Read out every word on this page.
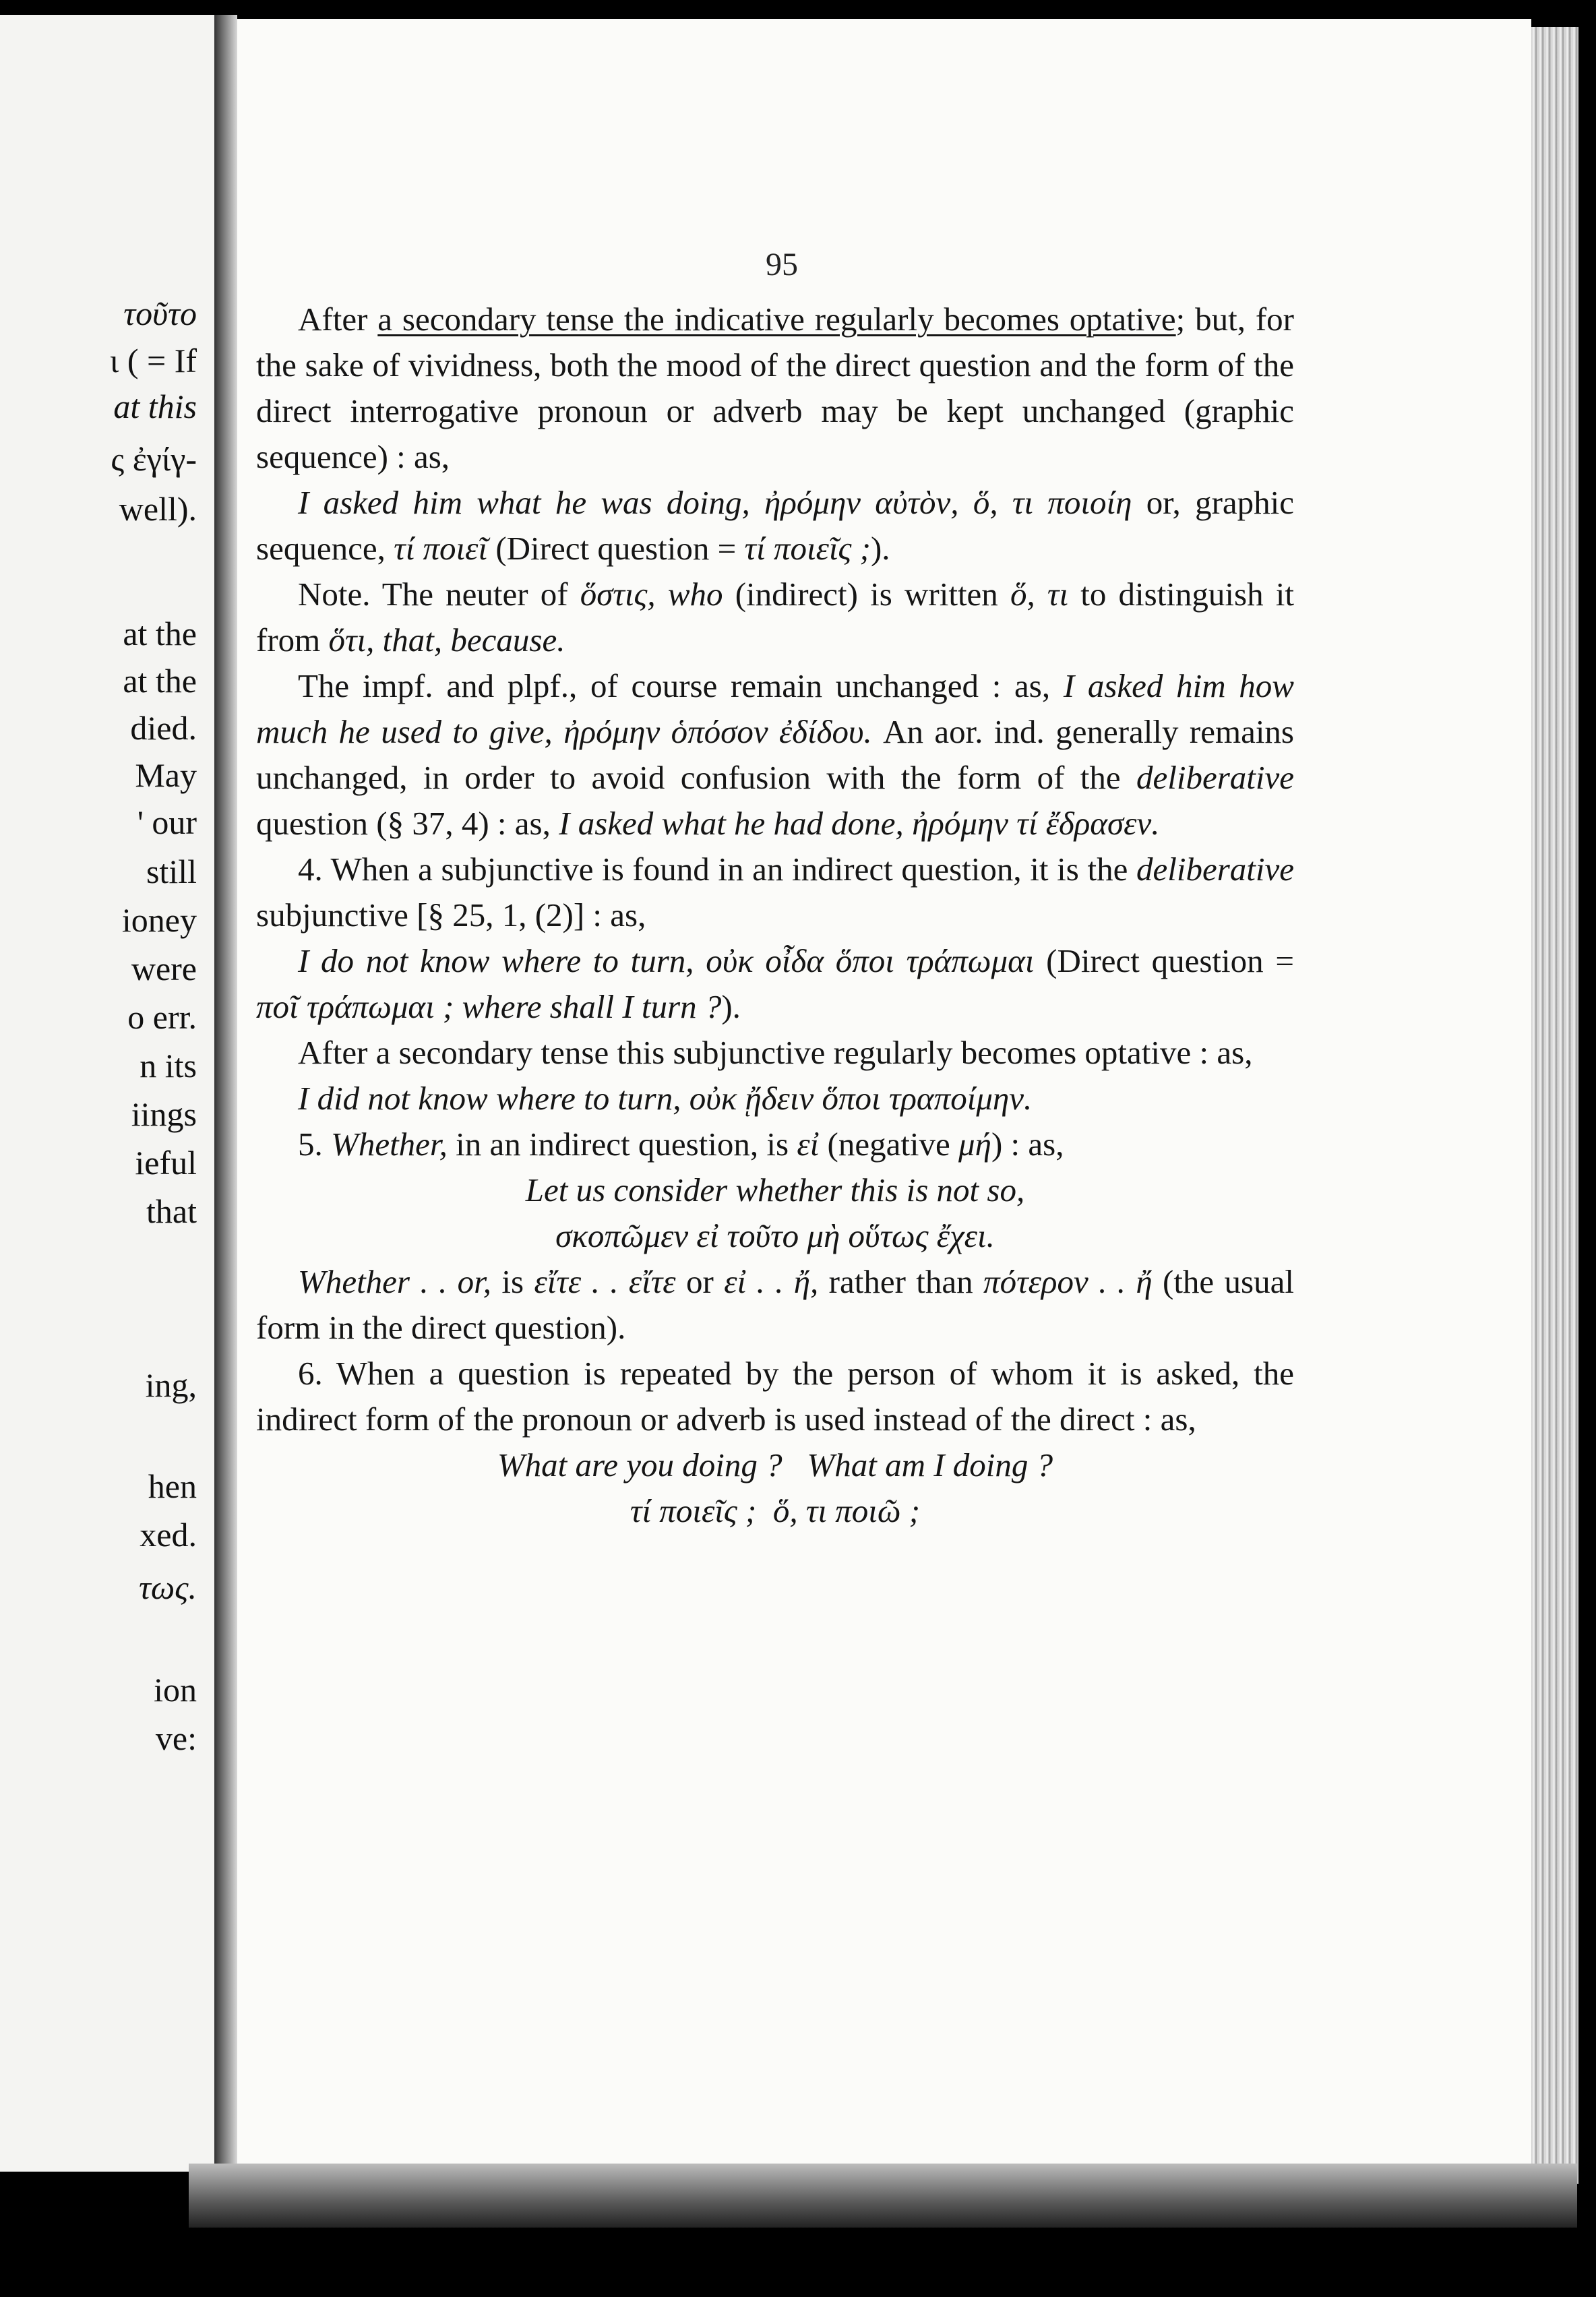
τοῦτο
ι ( = If
at this
ς ἐγίγ-
well).
at the
at the
died.
May
' our
still
ioney
were
o err.
n its
iings
ieful
that
ing,
hen
xed.
τως.
ion
ve:
95

After a secondary tense the indicative regularly becomes optative; but, for the sake of vividness, both the mood of the direct question and the form of the direct interrogative pronoun or adverb may be kept unchanged (graphic sequence) : as,

I asked him what he was doing, ἠρόμην αὐτὸν, ὅ, τι ποιοίη or, graphic sequence, τί ποιεῖ (Direct question = τί ποιεῖς ;).

Note. The neuter of ὅστις, who (indirect) is written ὅ, τι to distinguish it from ὅτι, that, because.

The impf. and plpf., of course remain unchanged : as, I asked him how much he used to give, ἠρόμην ὁπόσον ἐδίδου. An aor. ind. generally remains unchanged, in order to avoid confusion with the form of the deliberative question (§ 37, 4) : as, I asked what he had done, ἠρόμην τί ἔδρασεν.

4. When a subjunctive is found in an indirect question, it is the deliberative subjunctive [§ 25, 1, (2)] : as,

I do not know where to turn, οὐκ οἶδα ὅποι τράπωμαι (Direct question = ποῖ τράπωμαι ; where shall I turn ?).

After a secondary tense this subjunctive regularly becomes optative : as,

I did not know where to turn, οὐκ ᾔδειν ὅποι τραποίμην.

5. Whether, in an indirect question, is εἰ (negative μή) : as,

Let us consider whether this is not so,

σκοπῶμεν εἰ τοῦτο μὴ οὕτως ἔχει.

Whether . . or, is εἴτε . . εἴτε or εἰ . . ἤ, rather than πότερον . . ἤ (the usual form in the direct question).

6. When a question is repeated by the person of whom it is asked, the indirect form of the pronoun or adverb is used instead of the direct : as,

What are you doing ?   What am I doing ?

τί ποιεῖς ;  ὅ, τι ποιῶ ;
